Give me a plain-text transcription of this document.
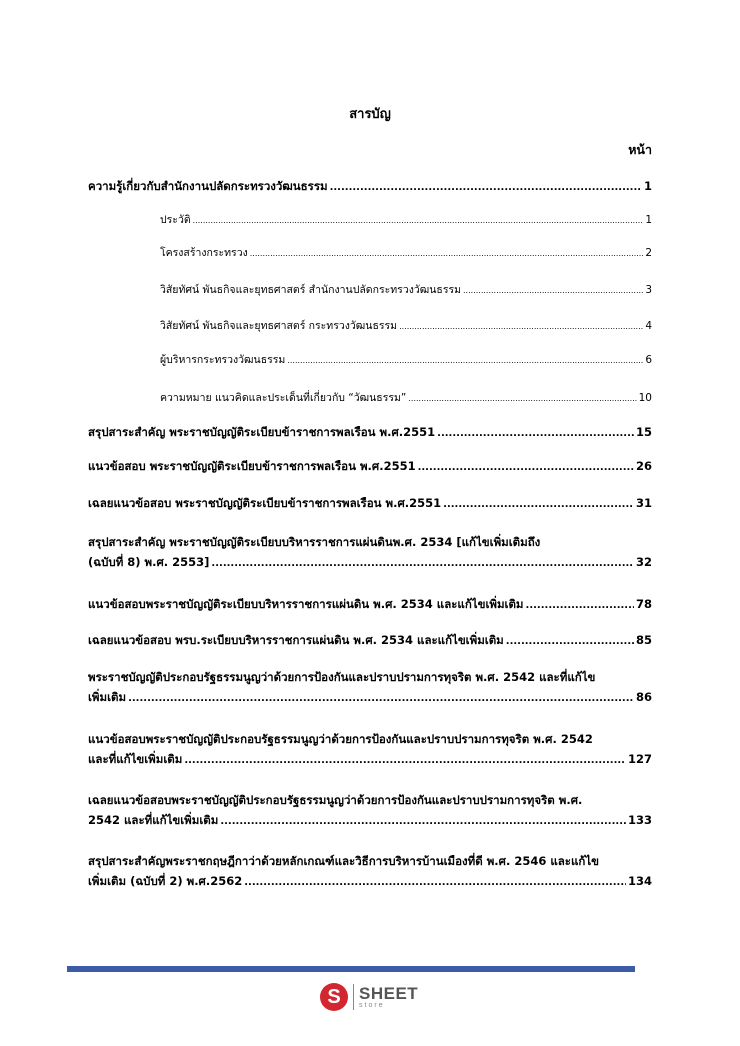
สารบัญ
หน้า
ความรู้เกี่ยวกับสำนักงานปลัดกระทรวงวัฒนธรรม .....	1
ประวัติ .....	1
โครงสร้างกระทรวง .....	2
วิสัยทัศน์ พันธกิจและยุทธศาสตร์ สำนักงานปลัดกระทรวงวัฒนธรรม .....	3
วิสัยทัศน์ พันธกิจและยุทธศาสตร์ กระทรวงวัฒนธรรม .....	4
ผู้บริหารกระทรวงวัฒนธรรม .....	6
ความหมาย แนวคิดและประเด็นที่เกี่ยวกับ “วัฒนธรรม” .....	10
สรุปสาระสำคัญ พระราชบัญญัติระเบียบข้าราชการพลเรือน พ.ศ.2551 .....	15
แนวข้อสอบ พระราชบัญญัติระเบียบข้าราชการพลเรือน พ.ศ.2551 .....	26
เฉลยแนวข้อสอบ พระราชบัญญัติระเบียบข้าราชการพลเรือน พ.ศ.2551 .....	31
สรุปสาระสำคัญ พระราชบัญญัติระเบียบบริหารราชการแผ่นดินพ.ศ. 2534 [แก้ไขเพิ่มเติมถึง
(ฉบับที่ 8) พ.ศ. 2553] .....	32
แนวข้อสอบพระราชบัญญัติระเบียบบริหารราชการแผ่นดิน พ.ศ. 2534 และแก้ไขเพิ่มเติม .....	78
เฉลยแนวข้อสอบ พรบ.ระเบียบบริหารราชการแผ่นดิน พ.ศ. 2534 และแก้ไขเพิ่มเติม .....	85
พระราชบัญญัติประกอบรัฐธรรมนูญว่าด้วยการป้องกันและปราบปรามการทุจริต พ.ศ. 2542 และที่แก้ไข
เพิ่มเติม .....	86
แนวข้อสอบพระราชบัญญัติประกอบรัฐธรรมนูญว่าด้วยการป้องกันและปราบปรามการทุจริต พ.ศ. 2542
และที่แก้ไขเพิ่มเติม .....	127
เฉลยแนวข้อสอบพระราชบัญญัติประกอบรัฐธรรมนูญว่าด้วยการป้องกันและปราบปรามการทุจริต พ.ศ.
2542 และที่แก้ไขเพิ่มเติม .....	133
สรุปสาระสำคัญพระราชกฤษฎีกาว่าด้วยหลักเกณฑ์และวิธีการบริหารบ้านเมืองที่ดี พ.ศ. 2546 และแก้ไข
เพิ่มเติม (ฉบับที่ 2) พ.ศ.2562 .....	134
S	SHEET
store
